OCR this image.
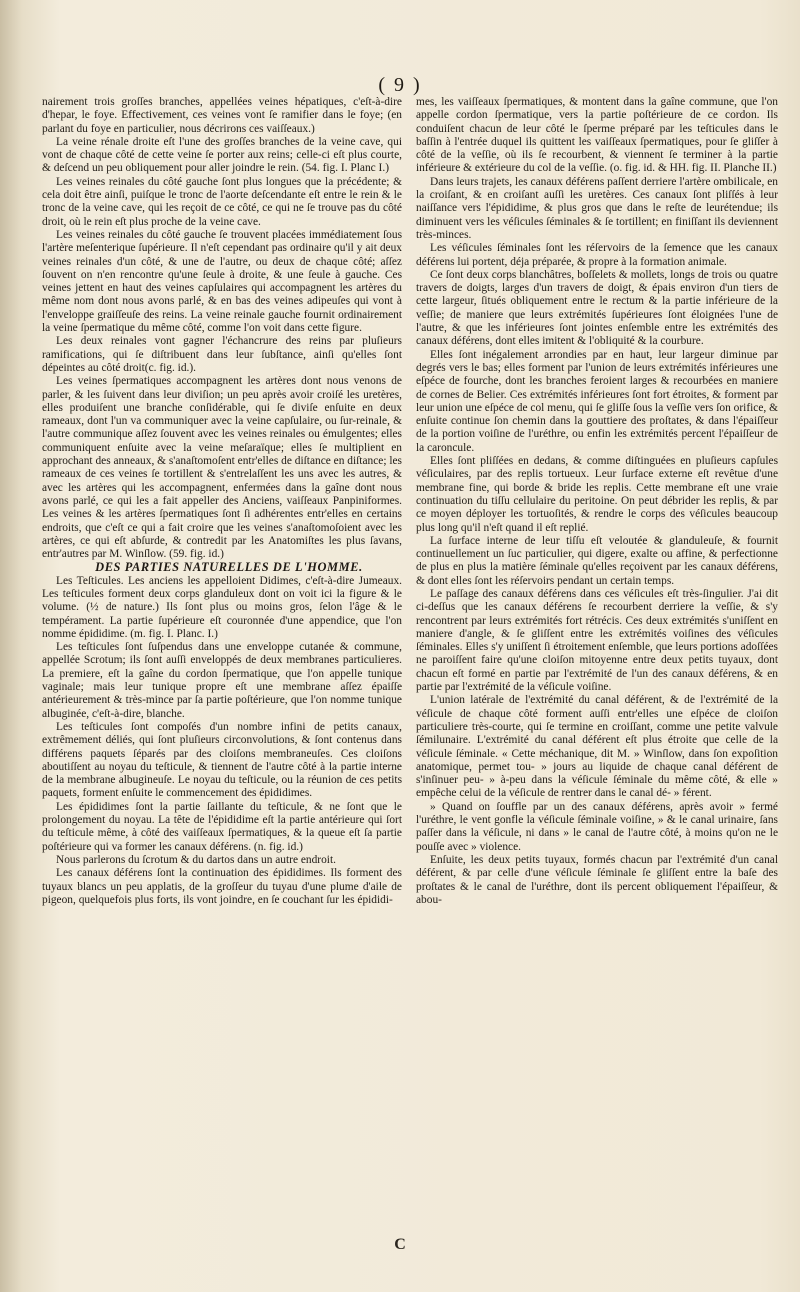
( 9 )

nairement trois groſſes branches, appellées veines hépatiques, c'eſt-à-dire d'hepar, le foye. Effectivement, ces veines vont ſe ramifier dans le foye; (en parlant du foye en particulier, nous décrirons ces vaiſſeaux.)

La veine rénale droite eſt l'une des groſſes branches de la veine cave, qui vont de chaque côté de cette veine ſe porter aux reins; celle-ci eſt plus courte, & deſcend un peu obliquement pour aller joindre le rein. (54. fig. I. Planc I.)

Les veines reinales du côté gauche ſont plus longues que la précédente; & cela doit être ainſi, puiſque le tronc de l'aorte deſcendante eſt entre le rein & le tronc de la veine cave, qui les reçoit de ce côté, ce qui ne ſe trouve pas du côté droit, où le rein eſt plus proche de la veine cave.

Les veines reinales du côté gauche ſe trouvent placées immédiatement ſous l'artère meſenterique ſupérieure. Il n'eſt cependant pas ordinaire qu'il y ait deux veines reinales d'un côté, & une de l'autre, ou deux de chaque côté; aſſez ſouvent on n'en rencontre qu'une ſeule à droite, & une ſeule à gauche. Ces veines jettent en haut des veines capſulaires qui accompagnent les artères du même nom dont nous avons parlé, & en bas des veines adipeuſes qui vont à l'enveloppe graiſſeuſe des reins. La veine reinale gauche fournit ordinairement la veine ſpermatique du même côté, comme l'on voit dans cette figure.

Les deux reinales vont gagner l'échancrure des reins par pluſieurs ramifications, qui ſe diſtribuent dans leur ſubſtance, ainſi qu'elles ſont dépeintes au côté droit(c. fig. id.).

Les veines ſpermatiques accompagnent les artères dont nous venons de parler, & les ſuivent dans leur diviſion; un peu après avoir croiſé les uretères, elles produiſent une branche conſidérable, qui ſe diviſe enſuite en deux rameaux, dont l'un va communiquer avec la veine capſulaire, ou ſur-reinale, & l'autre communique aſſez ſouvent avec les veines reinales ou émulgentes; elles communiquent enſuite avec la veine meſaraïque; elles ſe multiplient en approchant des anneaux, & s'anaſtomoſent entr'elles de diſtance en diſtance; les rameaux de ces veines ſe tortillent & s'entrelaſſent les uns avec les autres, & avec les artères qui les accompagnent, enfermées dans la gaîne dont nous avons parlé, ce qui les a fait appeller des Anciens, vaiſſeaux Panpiniformes. Les veines & les artères ſpermatiques ſont ſi adhérentes entr'elles en certains endroits, que c'eſt ce qui a fait croire que les veines s'anaſtomoſoient avec les artères, ce qui eſt abſurde, & contredit par les Anatomiſtes les plus ſavans, entr'autres par M. Winſlow. (59. fig. id.)

DES PARTIES NATURELLES DE L'HOMME.

Les Teſticules. Les anciens les appelloient Didimes, c'eſt-à-dire Jumeaux. Les teſticules forment deux corps glanduleux dont on voit ici la figure & le volume. (½ de nature.) Ils ſont plus ou moins gros, ſelon l'âge & le tempérament. La partie ſupérieure eſt couronnée d'une appendice, que l'on nomme épididime. (m. fig. I. Planc. I.)

Les teſticules ſont ſuſpendus dans une enveloppe cutanée & commune, appellée Scrotum; ils ſont auſſi enveloppés de deux membranes particulieres. La premiere, eſt la gaîne du cordon ſpermatique, que l'on appelle tunique vaginale; mais leur tunique propre eſt une membrane aſſez épaiſſe antérieurement & très-mince par ſa partie poſtérieure, que l'on nomme tunique albuginée, c'eſt-à-dire, blanche.

Les teſticules ſont compoſés d'un nombre infini de petits canaux, extrêmement déliés, qui ſont pluſieurs circonvolutions, & ſont contenus dans différens paquets ſéparés par des cloiſons membraneuſes. Ces cloiſons aboutiſſent au noyau du teſticule, & tiennent de l'autre côté à la partie interne de la membrane albugineuſe. Le noyau du teſticule, ou la réunion de ces petits paquets, forment enſuite le commencement des épididimes.

Les épididimes ſont la partie ſaillante du teſticule, & ne ſont que le prolongement du noyau. La tête de l'épididime eſt la partie antérieure qui ſort du teſticule même, à côté des vaiſſeaux ſpermatiques, & la queue eſt ſa partie poſtérieure qui va former les canaux déférens. (n. fig. id.)

Nous parlerons du ſcrotum & du dartos dans un autre endroit.

Les canaux déférens ſont la continuation des épididimes. Ils forment des tuyaux blancs un peu applatis, de la groſſeur du tuyau d'une plume d'aile de pigeon, quelquefois plus forts, ils vont joindre, en ſe couchant ſur les épididi-

mes, les vaiſſeaux ſpermatiques, & montent dans la gaîne commune, que l'on appelle cordon ſpermatique, vers la partie poſtérieure de ce cordon. Ils conduiſent chacun de leur côté le ſperme préparé par les teſticules dans le baſſin à l'entrée duquel ils quittent les vaiſſeaux ſpermatiques, pour ſe gliſſer à côté de la veſſie, où ils ſe recourbent, & viennent ſe terminer à la partie inférieure & extérieure du col de la veſſie. (o. fig. id. & HH. fig. II. Planche II.)

Dans leurs trajets, les canaux déférens paſſent derriere l'artère ombilicale, en la croiſant, & en croiſant auſſi les uretères. Ces canaux ſont pliſſés à leur naiſſance vers l'épididime, & plus gros que dans le reſte de leurétendue; ils diminuent vers les véſicules ſéminales & ſe tortillent; en finiſſant ils deviennent très-minces.

Les véſicules ſéminales ſont les réſervoirs de la ſemence que les canaux déférens lui portent, déja préparée, & propre à la formation animale.

Ce ſont deux corps blanchâtres, boſſelets & mollets, longs de trois ou quatre travers de doigts, larges d'un travers de doigt, & épais environ d'un tiers de cette largeur, ſitués obliquement entre le rectum & la partie inférieure de la veſſie; de maniere que leurs extrémités ſupérieures ſont éloignées l'une de l'autre, & que les inférieures ſont jointes enſemble entre les extrémités des canaux déférens, dont elles imitent & l'obliquité & la courbure.

Elles ſont inégalement arrondies par en haut, leur largeur diminue par degrés vers le bas; elles forment par l'union de leurs extrémités inférieures une eſpéce de fourche, dont les branches feroient larges & recourbées en maniere de cornes de Belier. Ces extrémités inférieures ſont fort étroites, & forment par leur union une eſpéce de col menu, qui ſe gliſſe ſous la veſſie vers ſon orifice, & enſuite continue ſon chemin dans la gouttiere des proſtates, & dans l'épaiſſeur de la portion voiſine de l'uréthre, ou enfin les extrémités percent l'épaiſſeur de la caroncule.

Elles ſont pliſſées en dedans, & comme diſtinguées en pluſieurs capſules véſiculaires, par des replis tortueux. Leur ſurface externe eſt revêtue d'une membrane fine, qui borde & bride les replis. Cette membrane eſt une vraie continuation du tiſſu cellulaire du peritoine. On peut débrider les replis, & par ce moyen déployer les tortuoſités, & rendre le corps des véſicules beaucoup plus long qu'il n'eſt quand il eſt replié.

La ſurface interne de leur tiſſu eſt veloutée & glanduleuſe, & fournit continuellement un ſuc particulier, qui digere, exalte ou affine, & perfectionne de plus en plus la matière ſéminale qu'elles reçoivent par les canaux déférens, & dont elles ſont les réſervoirs pendant un certain temps.

Le paſſage des canaux déférens dans ces véſicules eſt très-ſingulier. J'ai dit ci-deſſus que les canaux déférens ſe recourbent derriere la veſſie, & s'y rencontrent par leurs extrémités fort rétrécis. Ces deux extrémités s'uniſſent en maniere d'angle, & ſe gliſſent entre les extrémités voiſines des véſicules ſéminales. Elles s'y uniſſent ſi étroitement enſemble, que leurs portions adoſſées ne paroiſſent faire qu'une cloiſon mitoyenne entre deux petits tuyaux, dont chacun eſt formé en partie par l'extrémité de l'un des canaux déférens, & en partie par l'extrémité de la véſicule voiſine.

L'union latérale de l'extrémité du canal déférent, & de l'extrémité de la véſicule de chaque côté forment auſſi entr'elles une eſpéce de cloiſon particuliere très-courte, qui ſe termine en croiſſant, comme une petite valvule ſémilunaire. L'extrémité du canal déférent eſt plus étroite que celle de la véſicule ſéminale. « Cette méchanique, dit M. » Winſlow, dans ſon expoſition anatomique, permet tou- » jours au liquide de chaque canal déférent de s'inſinuer peu- » à-peu dans la véſicule ſéminale du même côté, & elle » empêche celui de la véſicule de rentrer dans le canal dé- » férent.

» Quand on ſouffle par un des canaux déférens, après avoir » fermé l'uréthre, le vent gonfle la véſicule ſéminale voiſine, » & le canal urinaire, ſans paſſer dans la véſicule, ni dans » le canal de l'autre côté, à moins qu'on ne le pouſſe avec » violence.

Enſuite, les deux petits tuyaux, formés chacun par l'extrémité d'un canal déférent, & par celle d'une véſicule ſéminale ſe gliſſent entre la baſe des proſtates & le canal de l'uréthre, dont ils percent obliquement l'épaiſſeur, & abou-

C
